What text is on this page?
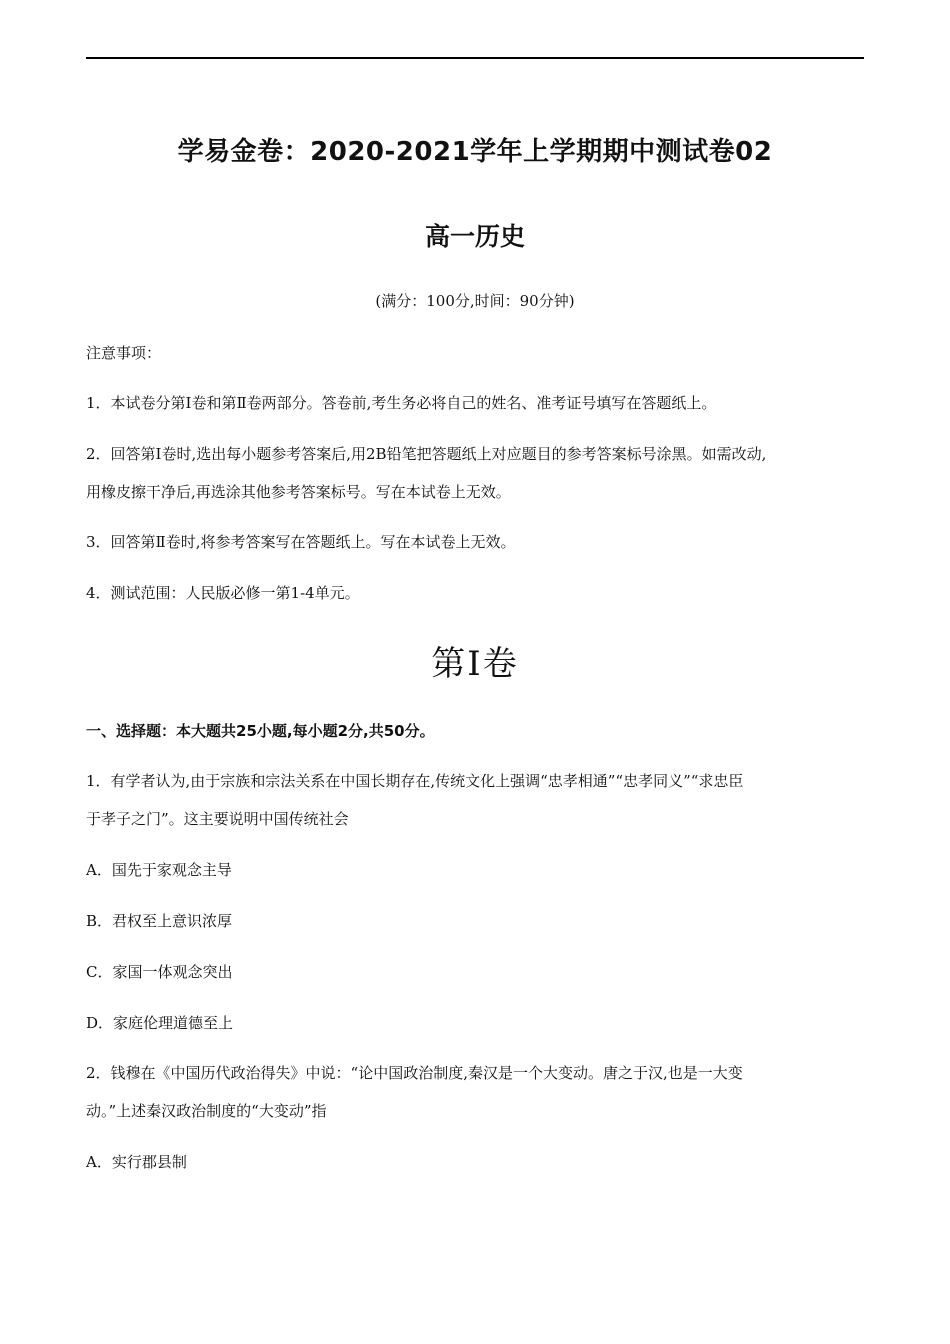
学易金卷：2020-2021学年上学期期中测试卷02
高一历史
(满分：100分,时间：90分钟)
注意事项：
1．本试卷分第Ⅰ卷和第Ⅱ卷两部分。答卷前,考生务必将自己的姓名、准考证号填写在答题纸上。
2．回答第Ⅰ卷时,选出每小题参考答案后,用2B铅笔把答题纸上对应题目的参考答案标号涂黑。如需改动,
用橡皮擦干净后,再选涂其他参考答案标号。写在本试卷上无效。
3．回答第Ⅱ卷时,将参考答案写在答题纸上。写在本试卷上无效。
4．测试范围：人民版必修一第1-4单元。
第Ⅰ卷
一、选择题：本大题共25小题,每小题2分,共50分。
1．有学者认为,由于宗族和宗法关系在中国长期存在,传统文化上强调“忠孝相通”“忠孝同义”“求忠臣
于孝子之门”。这主要说明中国传统社会
A．国先于家观念主导
B．君权至上意识浓厚
C．家国一体观念突出
D．家庭伦理道德至上
2．钱穆在《中国历代政治得失》中说：“论中国政治制度,秦汉是一个大变动。唐之于汉,也是一大变
动。”上述秦汉政治制度的“大变动”指
A．实行郡县制
